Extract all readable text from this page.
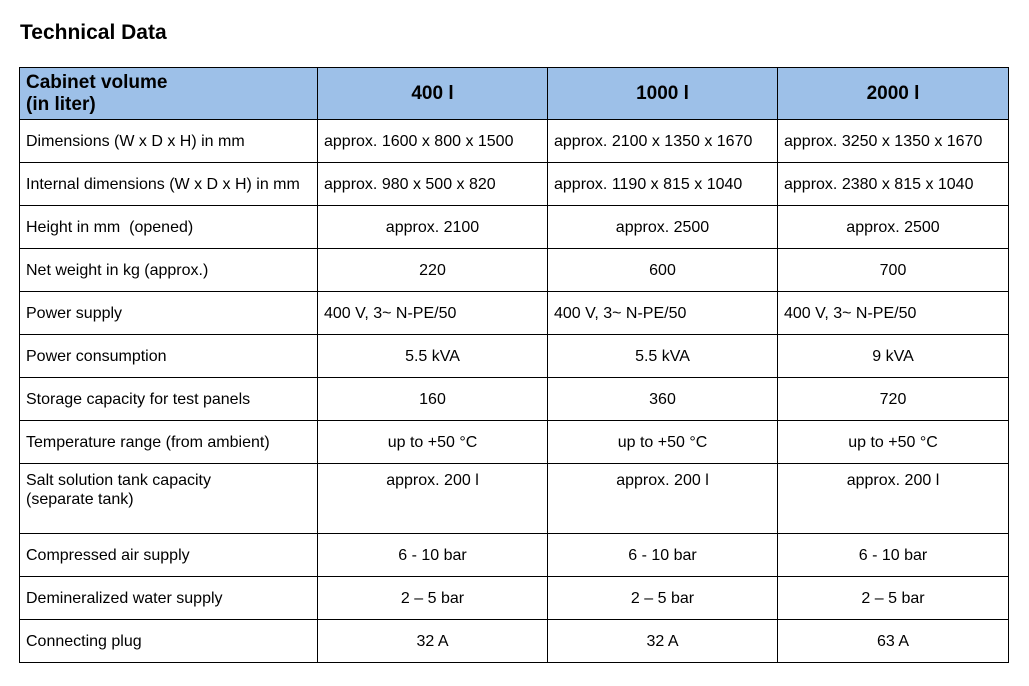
Technical Data
Cabinet volume
(in liter)	400 l	1000 l	2000 l
Dimensions (W x D x H) in mm	approx. 1600 x 800 x 1500	approx. 2100 x 1350 x 1670	approx. 3250 x 1350 x 1670
Internal dimensions (W x D x H) in mm	approx. 980 x 500 x 820	approx. 1190 x 815 x 1040	approx. 2380 x 815 x 1040
Height in mm  (opened)	approx. 2100	approx. 2500	approx. 2500
Net weight in kg (approx.)	220	600	700
Power supply	400 V, 3~ N-PE/50	400 V, 3~ N-PE/50	400 V, 3~ N-PE/50
Power consumption	5.5 kVA	5.5 kVA	9 kVA
Storage capacity for test panels	160	360	720
Temperature range (from ambient)	up to +50 °C	up to +50 °C	up to +50 °C
Salt solution tank capacity
(separate tank)	approx. 200 l	approx. 200 l	approx. 200 l
Compressed air supply	6 - 10 bar	6 - 10 bar	6 - 10 bar
Demineralized water supply	2 – 5 bar	2 – 5 bar	2 – 5 bar
Connecting plug	32 A	32 A	63 A
